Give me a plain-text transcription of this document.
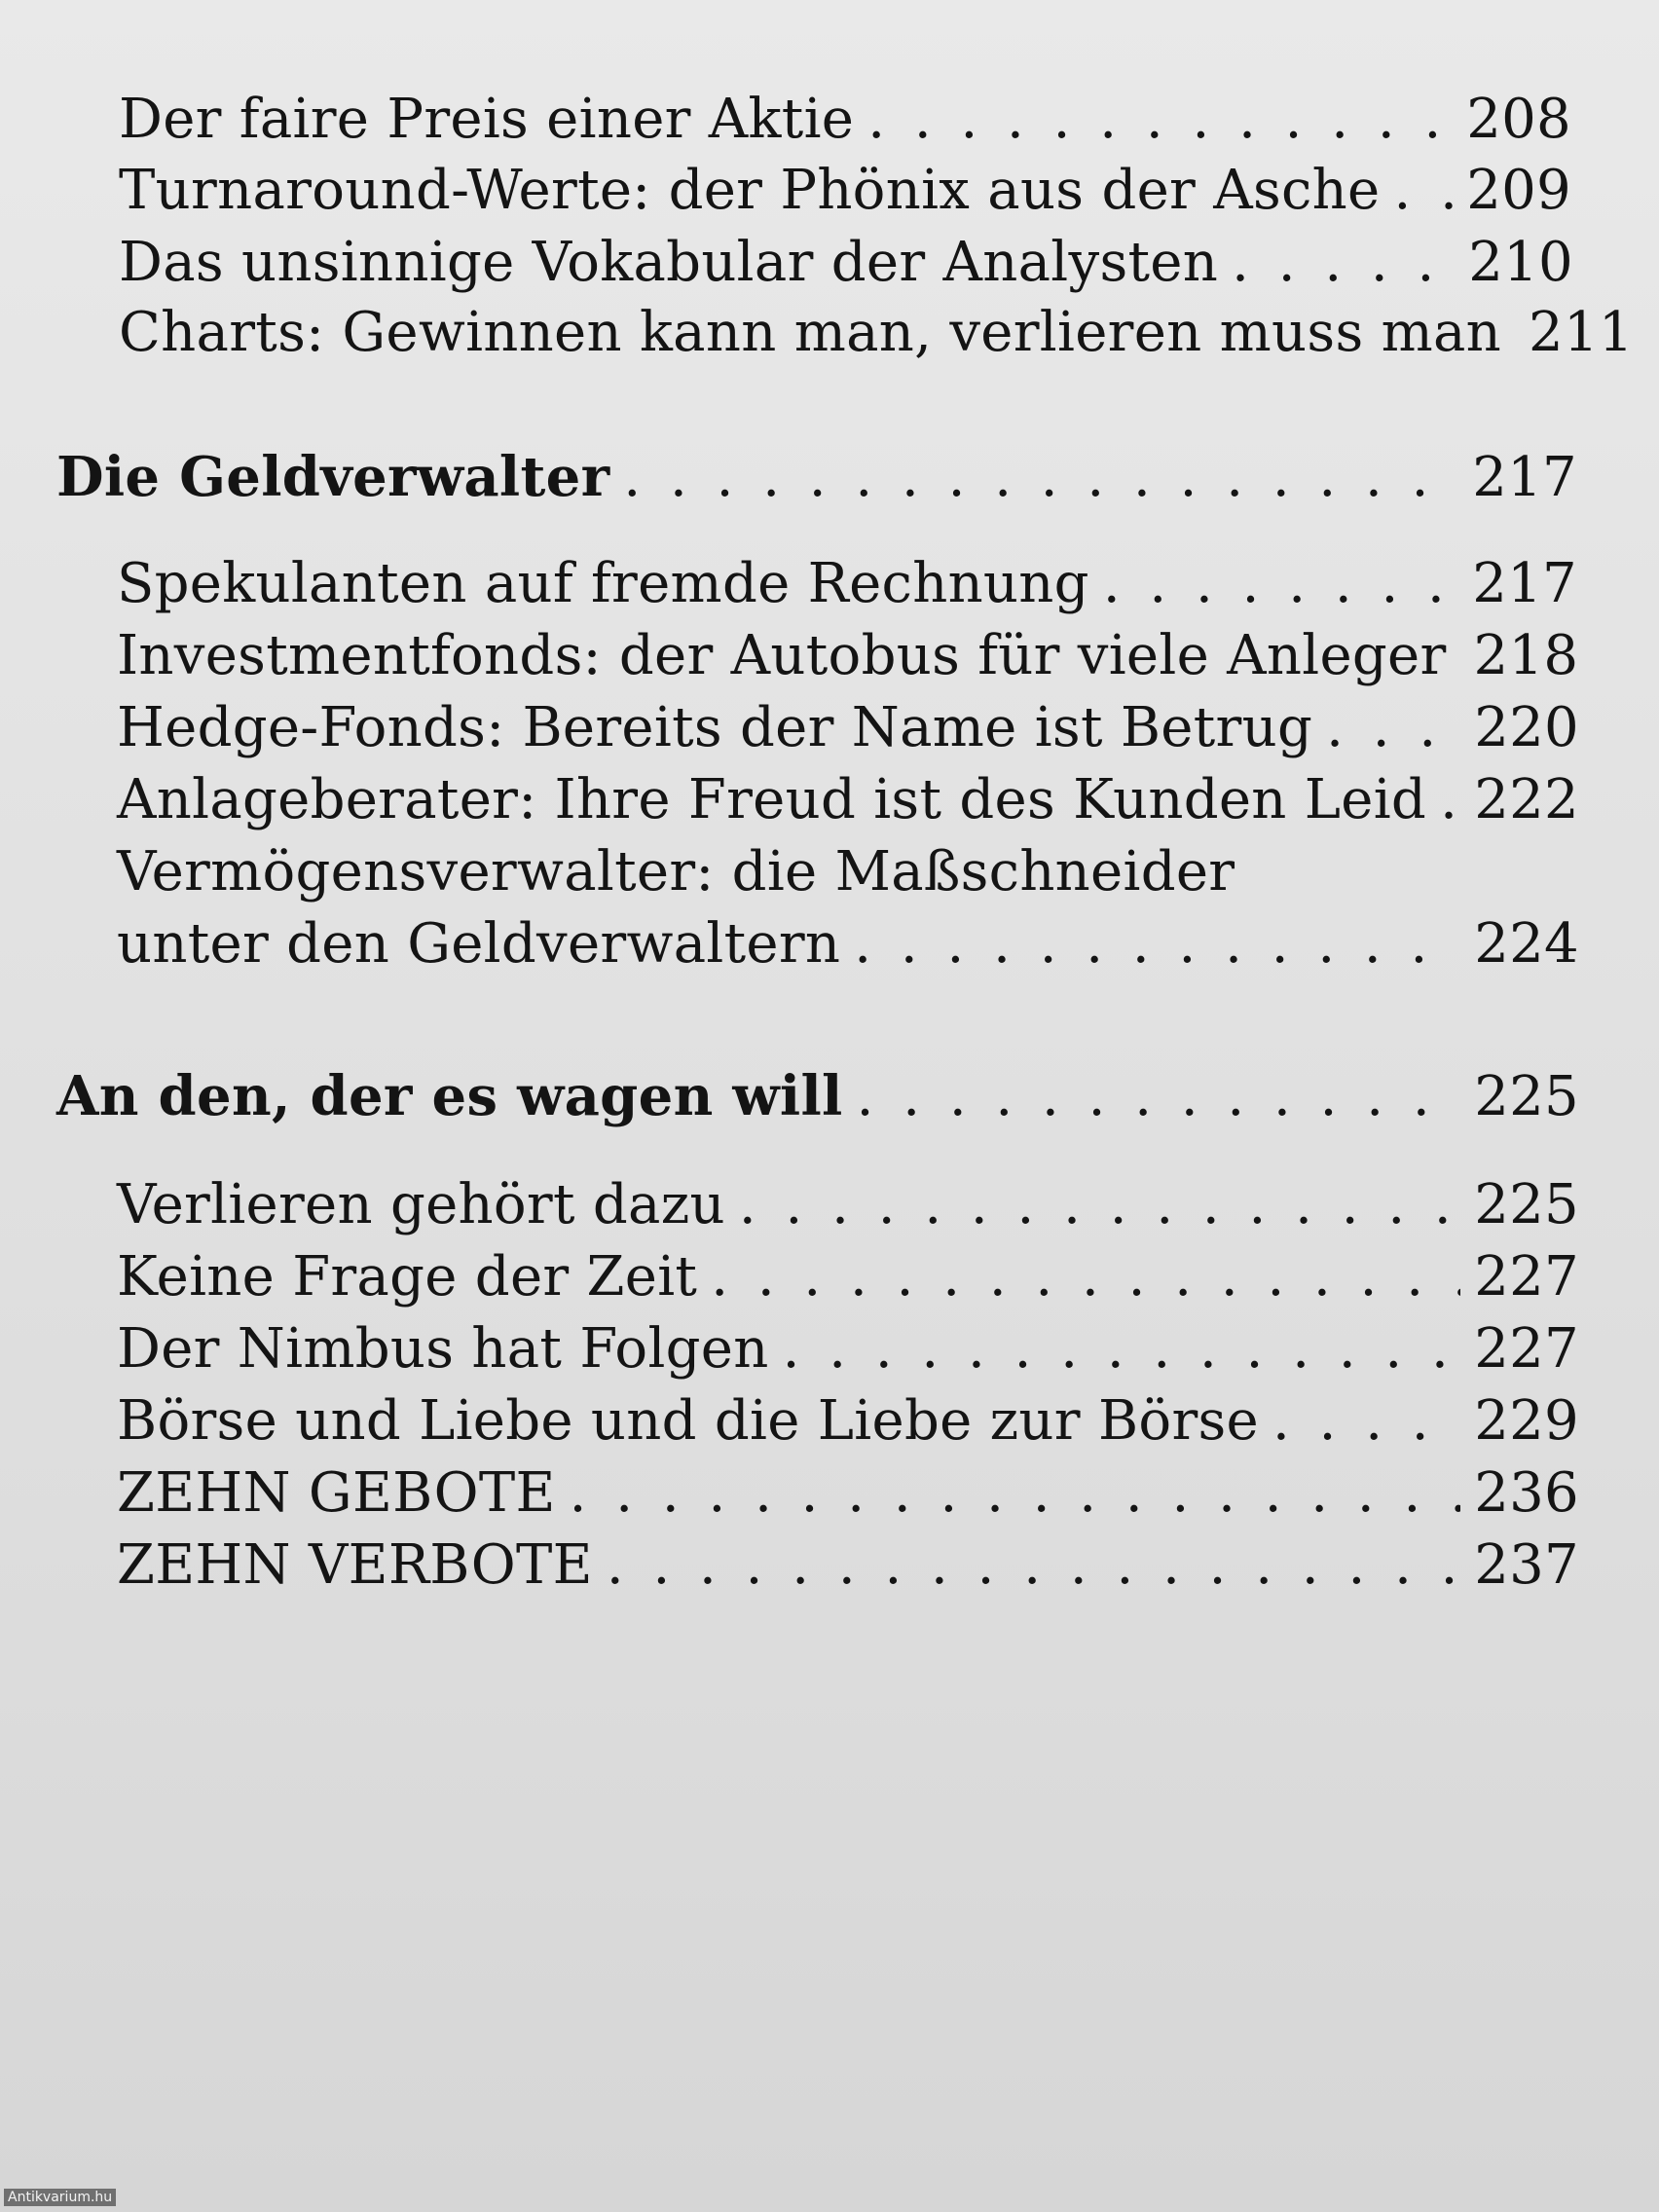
Der faire Preis einer Aktie . . .	208
Turnaround-Werte: der Phönix aus der Asche . . . 209
Das unsinnige Vokabular der Analysten . . .	210
Charts: Gewinnen kann man, verlieren muss man 211
Die Geldverwalter . . .	217
Spekulanten auf fremde Rechnung . . .	217
Investmentfonds: der Autobus für viele Anleger 218
Hedge-Fonds: Bereits der Name ist Betrug . . .	220
Anlageberater: Ihre Freud ist des Kunden Leid . . . 222
Vermögensverwalter: die Maßschneider
unter den Geldverwaltern . . .	224
An den, der es wagen will . . .	225
Verlieren gehört dazu . . .	225
Keine Frage der Zeit . . .	227
Der Nimbus hat Folgen . . .	227
Börse und Liebe und die Liebe zur Börse . . .	229
ZEHN GEBOTE . . .	236
ZEHN VERBOTE . . .	237
Antikvarium.hu
